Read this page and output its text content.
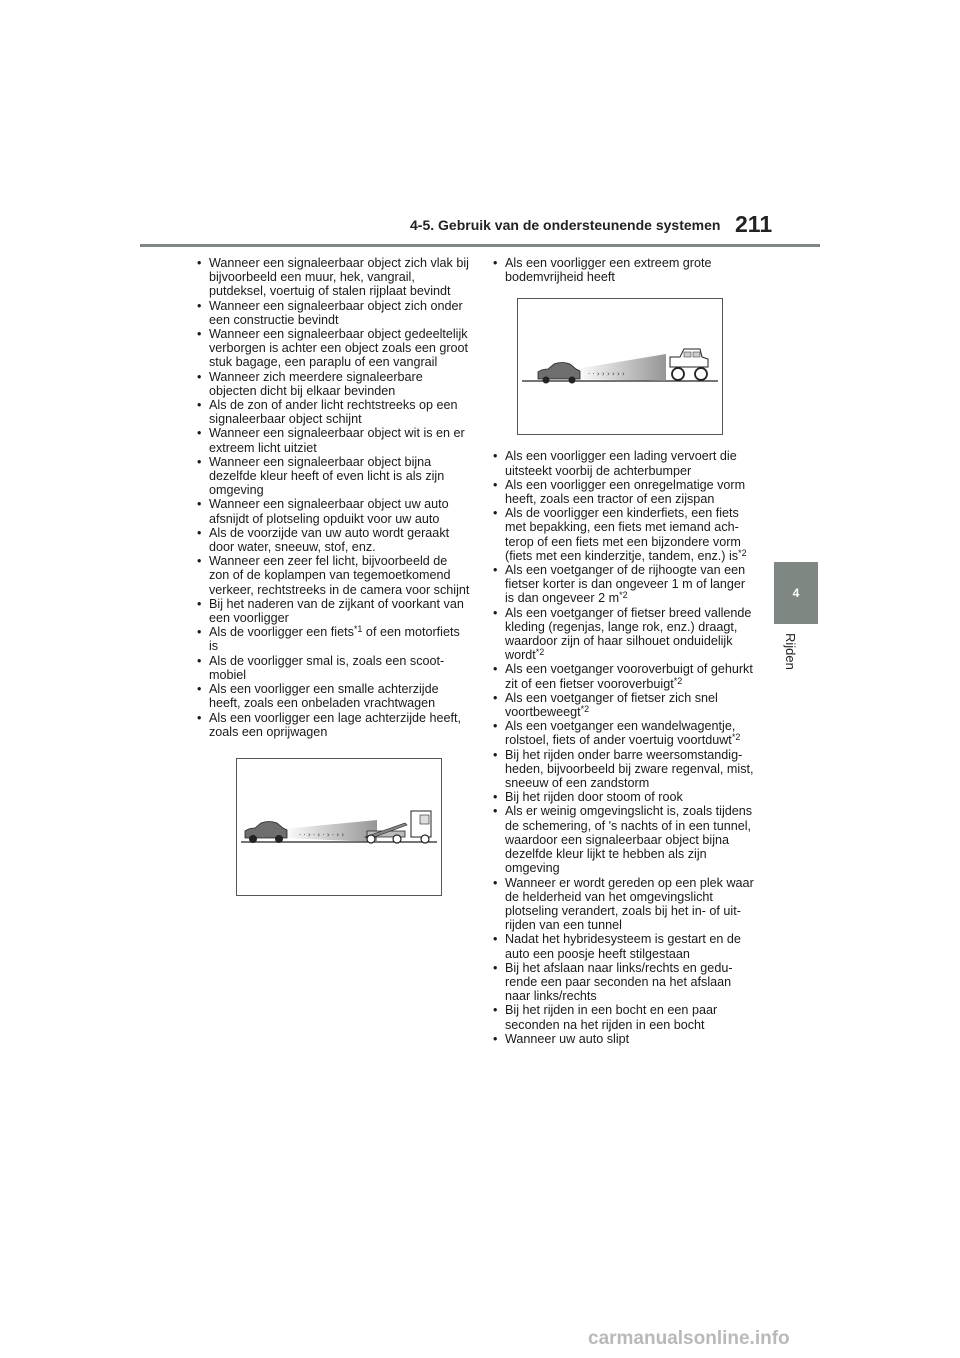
4-5. Gebruik van de ondersteunende systemen 211
4
Rijden
• Wanneer een signaleerbaar object zich vlak bij bijvoorbeeld een muur, hek, vangrail, putdeksel, voertuig of stalen rijplaat bevindt
• Wanneer een signaleerbaar object zich onder een constructie bevindt
• Wanneer een signaleerbaar object gedeeltelijk verborgen is achter een object zoals een groot stuk bagage, een paraplu of een vangrail
• Wanneer zich meerdere signaleerbare objecten dicht bij elkaar bevinden
• Als de zon of ander licht rechtstreeks op een signaleerbaar object schijnt
• Wanneer een signaleerbaar object wit is en er extreem licht uitziet
• Wanneer een signaleerbaar object bijna dezelfde kleur heeft of even licht is als zijn omgeving
• Wanneer een signaleerbaar object uw auto afsnijdt of plotseling opduikt voor uw auto
• Als de voorzijde van uw auto wordt geraakt door water, sneeuw, stof, enz.
• Wanneer een zeer fel licht, bijvoorbeeld de zon of de koplampen van tegemoetkomend verkeer, rechtstreeks in de camera voor schijnt
• Bij het naderen van de zijkant of voorkant van een voorligger
• Als de voorligger een fiets$^{*1}$ of een motorfiets is
• Als de voorligger smal is, zoals een scootmobiel
• Als een voorligger een smalle achterzijde heeft, zoals een onbeladen vrachtwagen
• Als een voorligger een lage achterzijde heeft, zoals een oprijwagen
· · › · › · › · › ›
• Als een voorligger een extreem grote bodemvrijheid heeft
· · › › › › › ›
• Als een voorligger een lading vervoert die uitsteekt voorbij de achterbumper
• Als een voorligger een onregelmatige vorm heeft, zoals een tractor of een zijspan
• Als de voorligger een kinderfiets, een fiets met bepakking, een fiets met iemand achterop of een fiets met een bijzondere vorm (fiets met een kinderzitje, tandem, enz.) $is^{*2}$
• Als een voetganger of de rijhoogte van een fietser korter is dan ongeveer 1 m of langer is dan ongeveer 2 $m^{*2}$
• Als een voetganger of fietser breed vallende kleding (regenjas, lange rok, enz.) draagt, waardoor zijn of haar silhouet onduidelijk wordt$^{*2}$
• Als een voetganger vooroverbuigt of gehurkt zit of een fietser vooroverbuigt$^{*2}$
• Als een voetganger of fietser zich snel voortbeweegt$^{*2}$
• Als een voetganger een wandelwagentje, rolstoel, fiets of ander voertuig voortduwt$^{*2}$
• Bij het rijden onder barre weersomstandigheden, bijvoorbeeld bij zware regenval, mist, sneeuw of een zandstorm
• Bij het rijden door stoom of rook
• Als er weinig omgevingslicht is, zoals tijdens de schemering, of 's nachts of in een tunnel, waardoor een signaleerbaar object bijna dezelfde kleur lijkt te hebben als zijn omgeving
• Wanneer er wordt gereden op een plek waar de helderheid van het omgevingslicht plotseling verandert, zoals bij het in- of uitrijden van een tunnel
• Nadat het hybridesysteem is gestart en de auto een poosje heeft stilgestaan
• Bij het afslaan naar links/rechts en gedurende een paar seconden na het afslaan naar links/rechts
• Bij het rijden in een bocht en een paar seconden na het rijden in een bocht
• Wanneer uw auto slipt
carmanualsonline.info
